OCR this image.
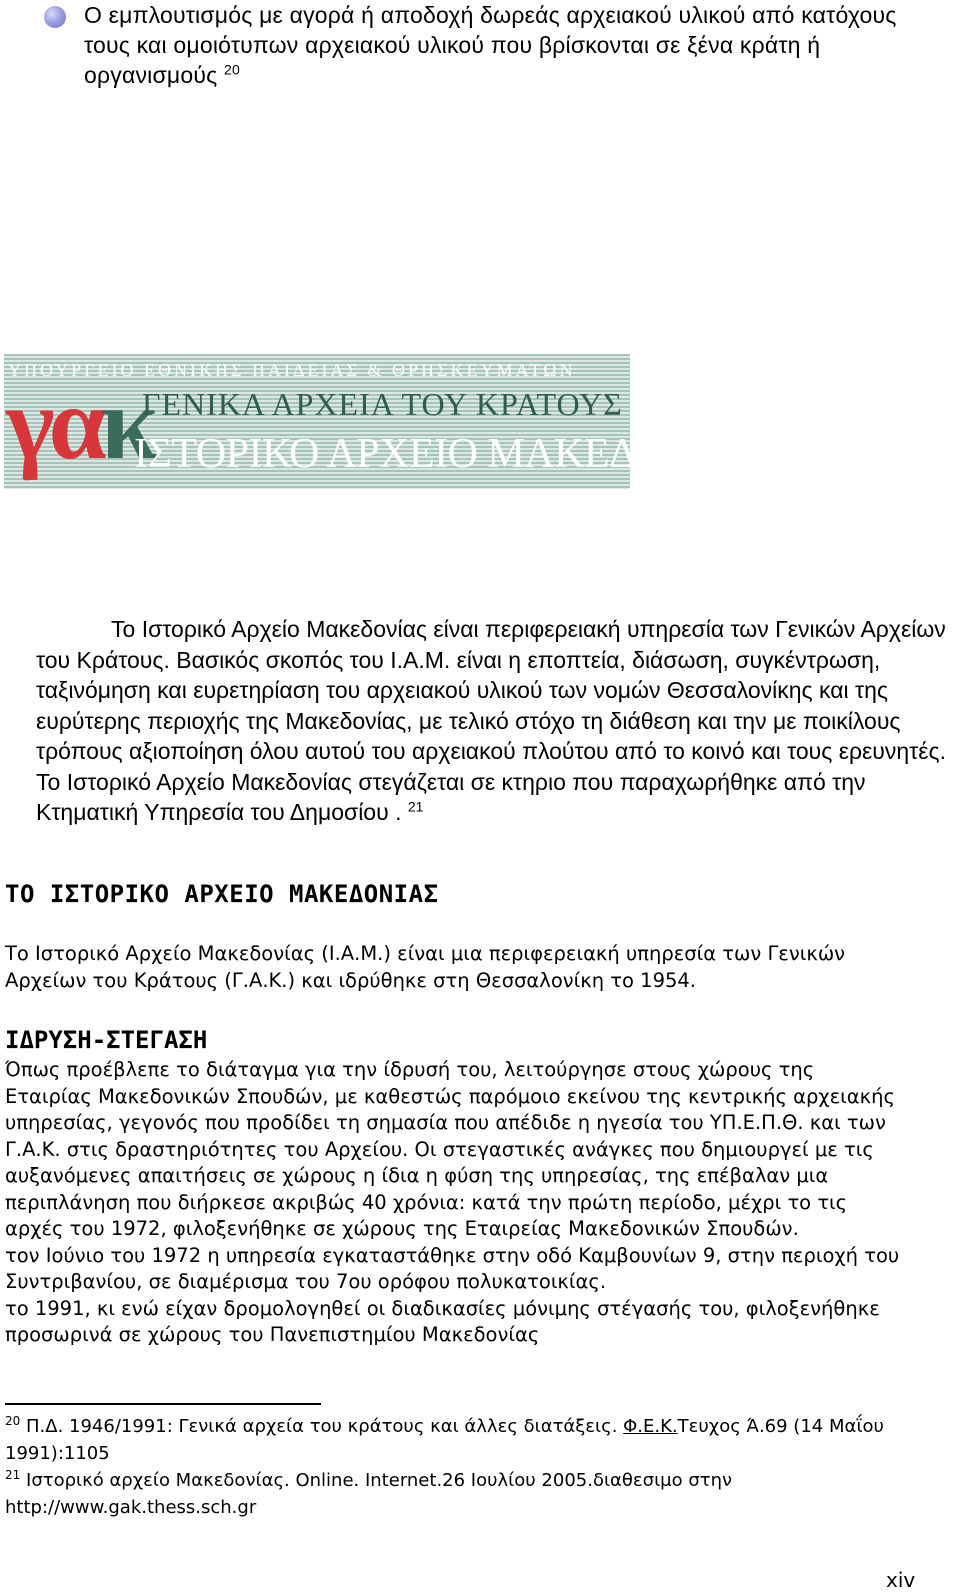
Ο εμπλουτισμός με αγορά ή αποδοχή δωρεάς αρχειακού υλικού από κατόχους τους και ομοιότυπων αρχειακού υλικού που βρίσκονται σε ξένα κράτη ή οργανισμούς $^{20}$
ΥΠΟΥΡΓΕΙΟ ΕΘΝΙΚΗΣ ΠΑΙΔΕΙΑΣ & ΘΡΗΣΚΕΥΜΑΤΩΝ
γακ
ΓΕΝΙΚΑ ΑΡΧΕΙΑ ΤΟΥ ΚΡΑΤΟΥΣ
ΙΣΤΟΡΙΚΟ ΑΡΧΕΙΟ ΜΑΚΕΔΟΝΙΑΣ

Το Ιστορικό Αρχείο Μακεδονίας είναι περιφερειακή υπηρεσία των Γενικών Αρχείων του Κράτους. Βασικός σκοπός του Ι.Α.Μ. είναι η εποπτεία, διάσωση, συγκέντρωση, ταξινόμηση και ευρετηρίαση του αρχειακού υλικού των νομών Θεσσαλονίκης και της ευρύτερης περιοχής της Μακεδονίας, με τελικό στόχο τη διάθεση και την με ποικίλους τρόπους αξιοποίηση όλου αυτού του αρχειακού πλούτου από το κοινό και τους ερευνητές.

Το Ιστορικό Αρχείο Μακεδονίας στεγάζεται σε κτηριο που παραχωρήθηκε από την Κτηματική Υπηρεσία του Δημοσίου . $^{21}$

ΤΟ ΙΣΤΟΡΙΚΟ ΑΡΧΕΙΟ ΜΑΚΕΔΟΝΙΑΣ

Το Ιστορικό Αρχείο Μακεδονίας (Ι.Α.Μ.) είναι μια περιφερειακή υπηρεσία των Γενικών Αρχείων του Κράτους (Γ.Α.Κ.) και ιδρύθηκε στη Θεσσαλονίκη το 1954.

ΙΔΡΥΣΗ-ΣΤΕΓΑΣΗ
Όπως προέβλεπε το διάταγμα για την ίδρυσή του, λειτούργησε στους χώρους της Εταιρίας Μακεδονικών Σπουδών, με καθεστώς παρόμοιο εκείνου της κεντρικής αρχειακής υπηρεσίας, γεγονός που προδίδει τη σημασία που απέδιδε η ηγεσία του ΥΠ.Ε.Π.Θ. και των Γ.Α.Κ. στις δραστηριότητες του Αρχείου. Οι στεγαστικές ανάγκες που δημιουργεί με τις αυξανόμενες απαιτήσεις σε χώρους η ίδια η φύση της υπηρεσίας, της επέβαλαν μια περιπλάνηση που διήρκεσε ακριβώς 40 χρόνια: κατά την πρώτη περίοδο, μέχρι το τις αρχές του 1972, φιλοξενήθηκε σε χώρους της Εταιρείας Μακεδονικών Σπουδών.
τον Ιούνιο του 1972 η υπηρεσία εγκαταστάθηκε στην οδό Καμβουνίων 9, στην περιοχή του Συντριβανίου, σε διαμέρισμα του 7ου ορόφου πολυκατοικίας.
το 1991, κι ενώ είχαν δρομολογηθεί οι διαδικασίες μόνιμης στέγασής του, φιλοξενήθηκε προσωρινά σε χώρους του Πανεπιστημίου Μακεδονίας

$^{20}$ Π.Δ. 1946/1991: Γενικά αρχεία του κράτους και άλλες διατάξεις. Φ.Ε.Κ.Τευχος Ά.69 (14 Μαΐου 1991):1105

$^{21}$ Ιστορικό αρχείο Μακεδονίας. Online. Internet.26 Ιουλίου 2005.διαθεσιμο στην http://www.gak.thess.sch.gr

xiv
